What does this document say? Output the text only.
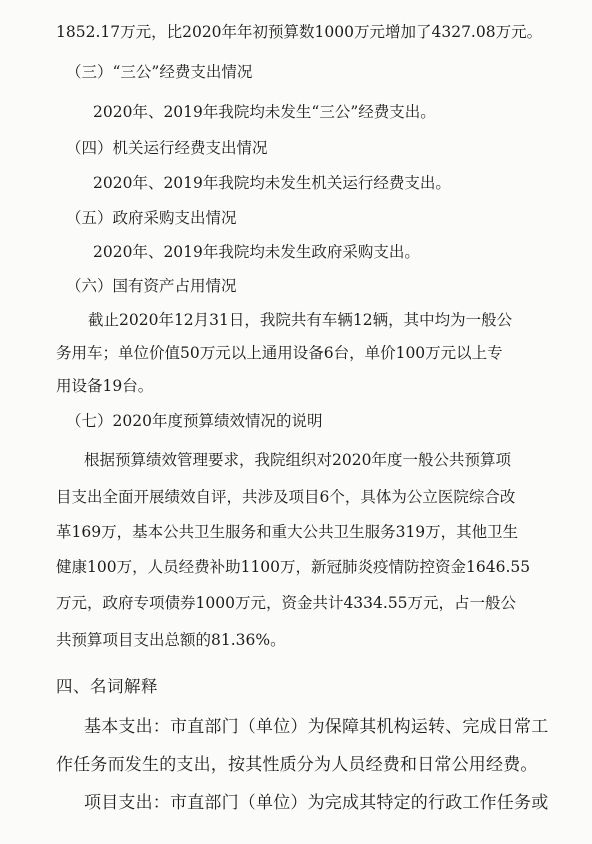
1852.17万元，比2020年年初预算数1000万元增加了4327.08万元。

（三）“三公”经费支出情况

2020年、2019年我院均未发生“三公”经费支出。

（四）机关运行经费支出情况

2020年、2019年我院均未发生机关运行经费支出。

（五）政府采购支出情况

2020年、2019年我院均未发生政府采购支出。

（六）国有资产占用情况

截止2020年12月31日，我院共有车辆12辆，其中均为一般公

务用车；单位价值50万元以上通用设备6台，单价100万元以上专

用设备19台。

（七）2020年度预算绩效情况的说明

根据预算绩效管理要求，我院组织对2020年度一般公共预算项

目支出全面开展绩效自评，共涉及项目6个，具体为公立医院综合改

革169万，基本公共卫生服务和重大公共卫生服务319万，其他卫生

健康100万，人员经费补助1100万，新冠肺炎疫情防控资金1646.55

万元，政府专项债券1000万元，资金共计4334.55万元，占一般公

共预算项目支出总额的81.36%。

四、名词解释

基本支出：市直部门（单位）为保障其机构运转、完成日常工

作任务而发生的支出，按其性质分为人员经费和日常公用经费。

项目支出：市直部门（单位）为完成其特定的行政工作任务或
